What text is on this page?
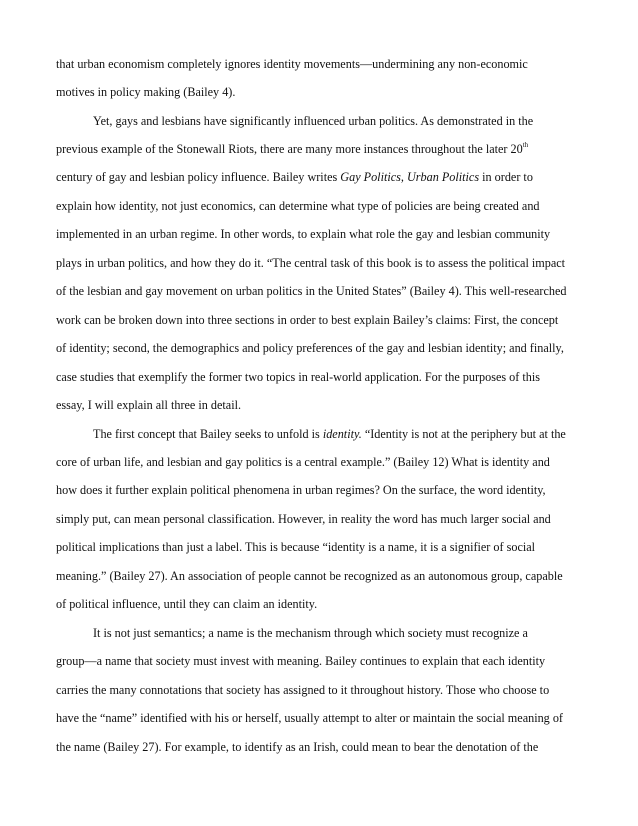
that urban economism completely ignores identity movements—undermining any non-economic
motives in policy making (Bailey 4).
Yet, gays and lesbians have significantly influenced urban politics. As demonstrated in the
previous example of the Stonewall Riots, there are many more instances throughout the later 20th
century of gay and lesbian policy influence. Bailey writes Gay Politics, Urban Politics in order to
explain how identity, not just economics, can determine what type of policies are being created and
implemented in an urban regime. In other words, to explain what role the gay and lesbian community
plays in urban politics, and how they do it. “The central task of this book is to assess the political impact
of the lesbian and gay movement on urban politics in the United States” (Bailey 4). This well-researched
work can be broken down into three sections in order to best explain Bailey’s claims: First, the concept
of identity; second, the demographics and policy preferences of the gay and lesbian identity; and finally,
case studies that exemplify the former two topics in real-world application. For the purposes of this
essay, I will explain all three in detail.
The first concept that Bailey seeks to unfold is identity. “Identity is not at the periphery but at the
core of urban life, and lesbian and gay politics is a central example.” (Bailey 12) What is identity and
how does it further explain political phenomena in urban regimes? On the surface, the word identity,
simply put, can mean personal classification. However, in reality the word has much larger social and
political implications than just a label. This is because “identity is a name, it is a signifier of social
meaning.” (Bailey 27). An association of people cannot be recognized as an autonomous group, capable
of political influence, until they can claim an identity.
It is not just semantics; a name is the mechanism through which society must recognize a
group—a name that society must invest with meaning. Bailey continues to explain that each identity
carries the many connotations that society has assigned to it throughout history. Those who choose to
have the “name” identified with his or herself, usually attempt to alter or maintain the social meaning of
the name (Bailey 27). For example, to identify as an Irish, could mean to bear the denotation of the
